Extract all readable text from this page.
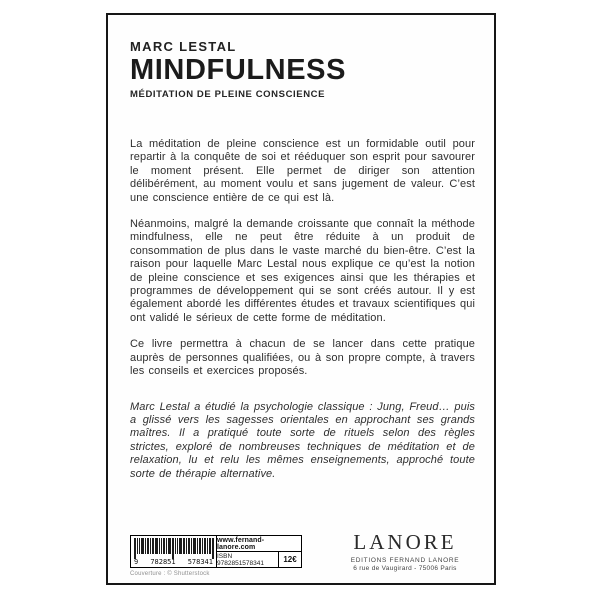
MARC LESTAL
MINDFULNESS
MÉDITATION DE PLEINE CONSCIENCE

La méditation de pleine conscience est un formidable outil pour repartir à la conquête de soi et rééduquer son esprit pour savourer le moment présent. Elle permet de diriger son attention délibérément, au moment voulu et sans jugement de valeur. C’est une conscience entière de ce qui est là.

Néanmoins, malgré la demande croissante que connaît la méthode mindfulness, elle ne peut être réduite à un produit de consommation de plus dans le vaste marché du bien-être. C’est la raison pour laquelle Marc Lestal nous explique ce qu’est la notion de pleine conscience et ses exigences ainsi que les thérapies et programmes de développement qui se sont créés autour. Il y est également abordé les différentes études et travaux scientifiques qui ont validé le sérieux de cette forme de méditation.

Ce livre permettra à chacun de se lancer dans cette pratique auprès de personnes qualifiées, ou à son propre compte, à travers les conseils et exercices proposés.

Marc Lestal a étudié la psychologie classique : Jung, Freud… puis a glissé vers les sagesses orientales en approchant ses grands maîtres. Il a pratiqué toute sorte de rituels selon des règles strictes, exploré de nombreuses techniques de méditation et de relaxation, lu et relu les mêmes enseignements, approché toute sorte de thérapie alternative.

9 782851 578341
www.fernand-lanore.com
ISBN 9782851578341	12€
Couverture : © Shutterstock
LANORE
EDITIONS FERNAND LANORE
6 rue de Vaugirard - 75006 Paris
